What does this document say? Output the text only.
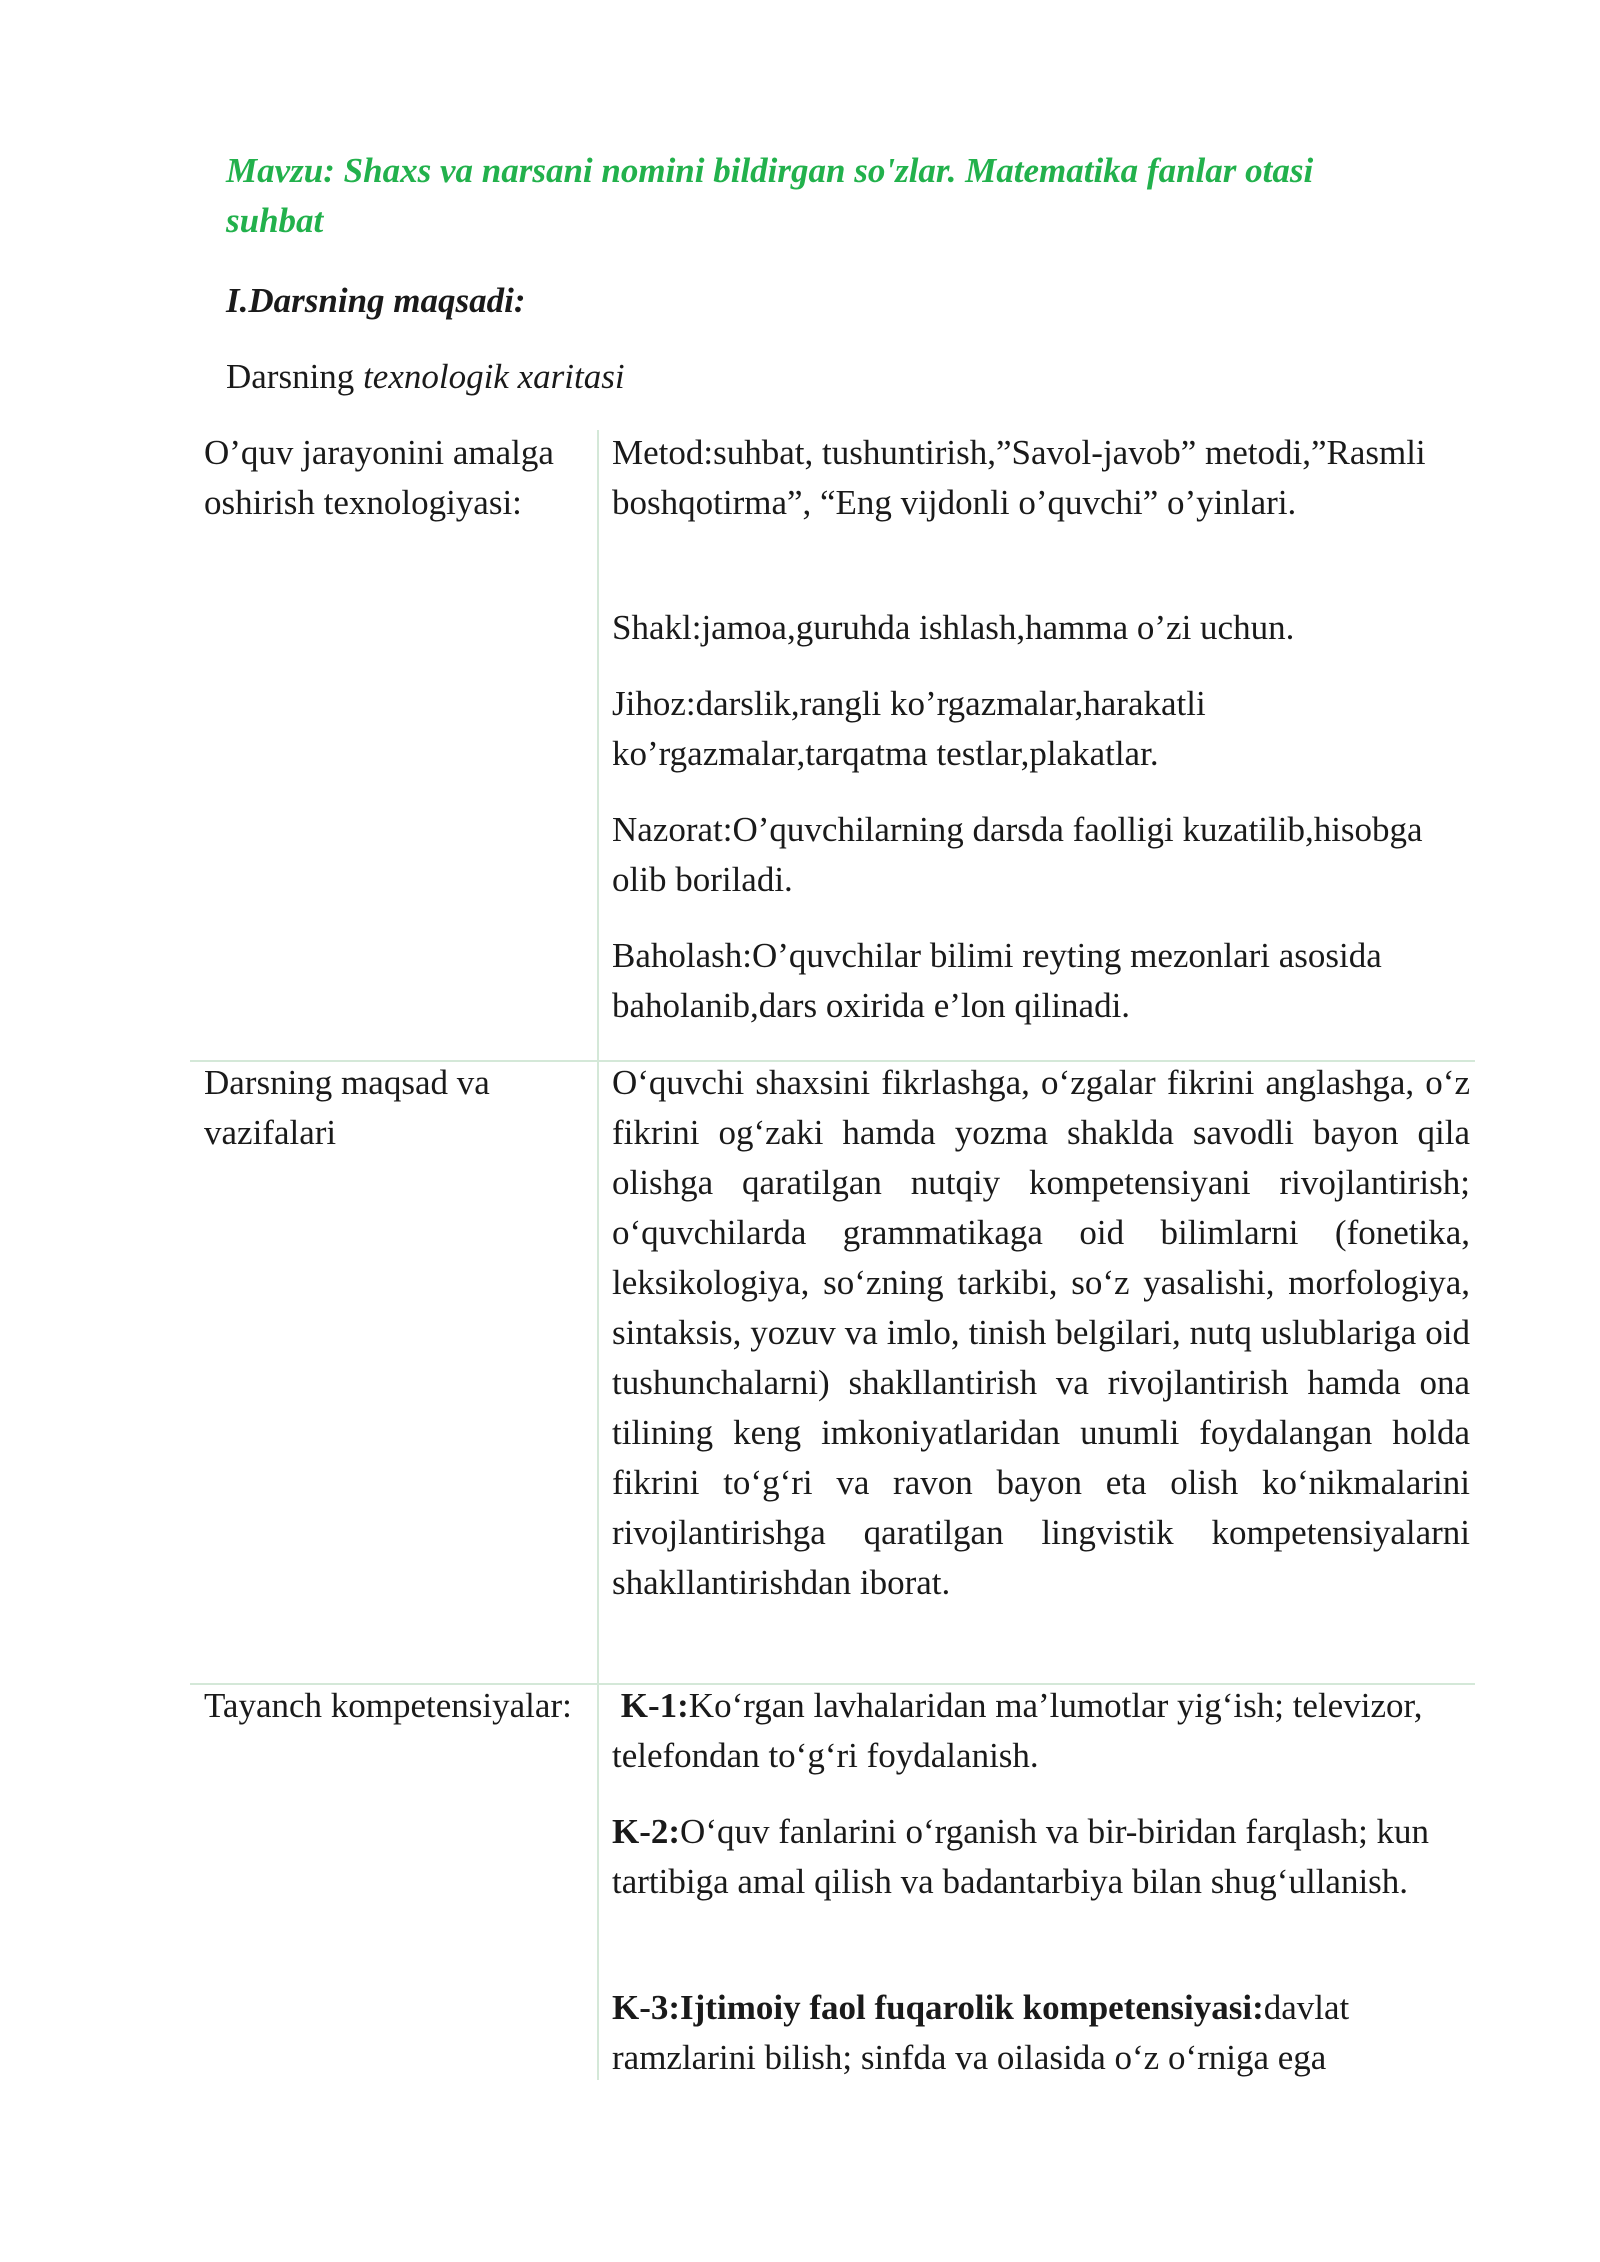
Mavzu: Shaxs va narsani nomini bildirgan so'zlar. Matematika fanlar otasi suhbat

I.Darsning maqsadi:

Darsning texnologik xaritasi

O’quv jarayonini amalga oshirish texnologiyasi:

Metod:suhbat, tushuntirish,”Savol-javob” metodi,”Rasmli boshqotirma”, “Eng vijdonli o’quvchi” o’yinlari.

Shakl:jamoa,guruhda ishlash,hamma o’zi uchun.

Jihoz:darslik,rangli ko’rgazmalar,harakatli ko’rgazmalar,tarqatma testlar,plakatlar.

Nazorat:O’quvchilarning darsda faolligi kuzatilib,hisobga olib boriladi.

Baholash:O’quvchilar bilimi reyting mezonlari asosida baholanib,dars oxirida e’lon qilinadi.

Darsning maqsad va vazifalari

O‘quvchi shaxsini fikrlashga, o‘zgalar fikrini anglashga, o‘z fikrini og‘zaki hamda yozma shaklda savodli bayon qila olishga qaratilgan nutqiy kompetensiyani rivojlantirish; o‘quvchilarda grammatikaga oid bilimlarni (fonetika, leksikologiya, so‘zning tarkibi, so‘z yasalishi, morfologiya, sintaksis, yozuv va imlo, tinish belgilari, nutq uslublariga oid tushunchalarni) shakllantirish va rivojlantirish hamda ona tilining keng imkoniyatlaridan unumli foydalangan holda fikrini to‘g‘ri va ravon bayon eta olish ko‘nikmalarini rivojlantirishga qaratilgan lingvistik kompetensiyalarni shakllantirishdan iborat.

Tayanch kompetensiyalar:	K-1:Ko‘rgan lavhalaridan ma’lumotlar yig‘ish; televizor, telefondan to‘g‘ri foydalanish.

K-2:O‘quv fanlarini o‘rganish va bir-biridan farqlash; kun tartibiga amal qilish va badantarbiya bilan shug‘ullanish.

K-3:Ijtimoiy faol fuqarolik kompetensiyasi:davlat ramzlarini bilish; sinfda va oilasida o‘z o‘rniga ega
